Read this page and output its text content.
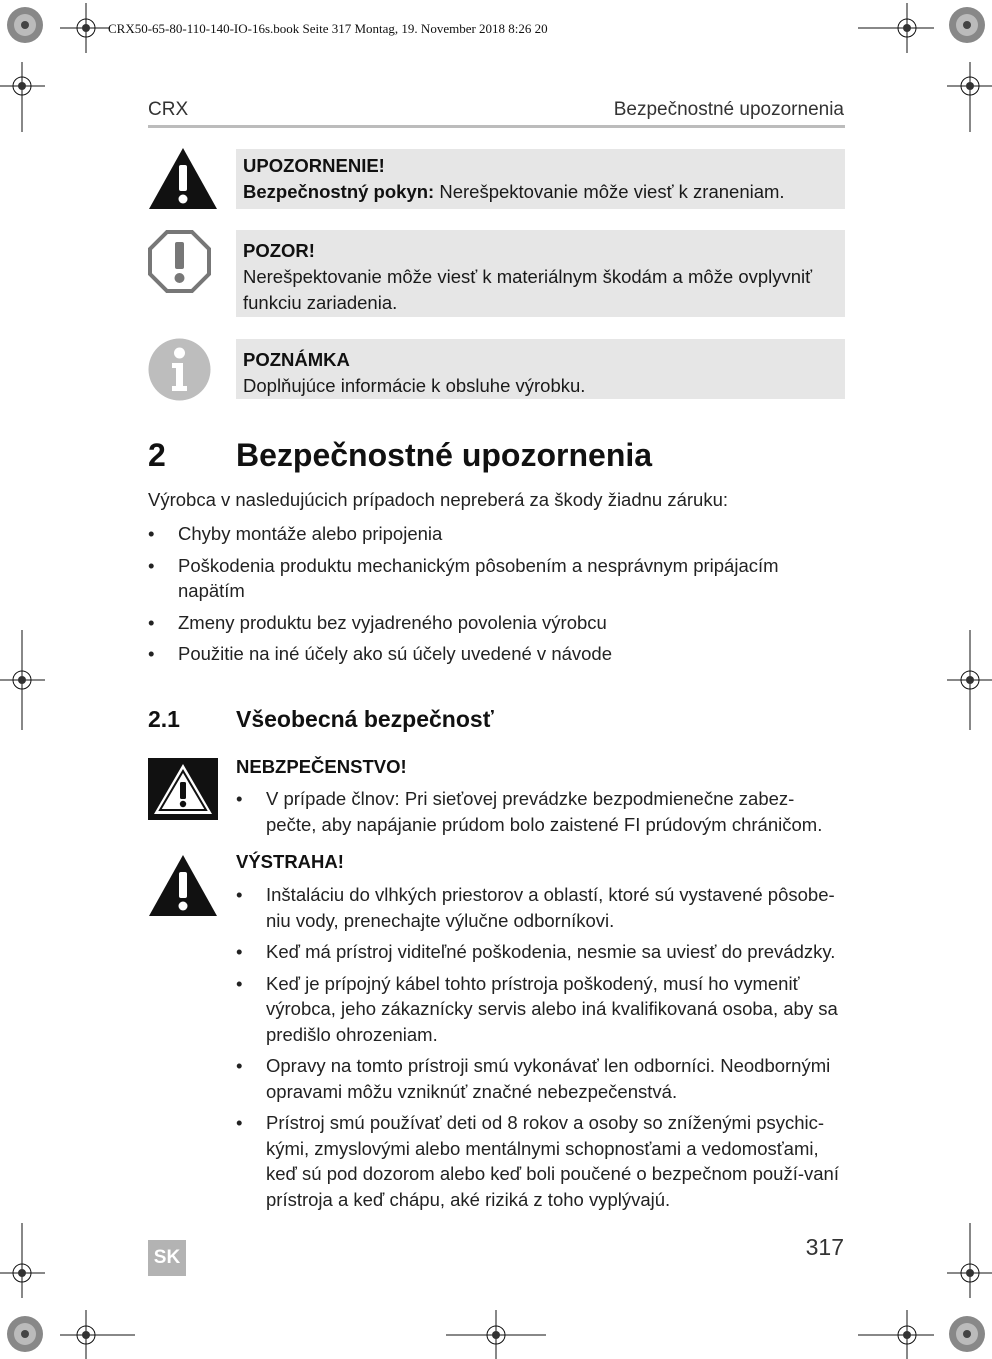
CRX50-65-80-110-140-IO-16s.book Seite 317 Montag, 19. November 2018 8:26 20
CRX	Bezpečnostné upozornenia
UPOZORNENIE!
Bezpečnostný pokyn: Nerešpektovanie môže viesť k zraneniam.
POZOR!
Nerešpektovanie môže viesť k materiálnym škodám a môže ovplyvniť funkciu zariadenia.
POZNÁMKA
Doplňujúce informácie k obsluhe výrobku.
2 Bezpečnostné upozornenia
Výrobca v nasledujúcich prípadoch nepreberá za škody žiadnu záruku:
• Chyby montáže alebo pripojenia
• Poškodenia produktu mechanickým pôsobením a nesprávnym pripájacím napätím
• Zmeny produktu bez vyjadreného povolenia výrobcu
• Použitie na iné účely ako sú účely uvedené v návode
2.1 Všeobecná bezpečnosť
NEBZPEČENSTVO!
• V prípade člnov: Pri sieťovej prevádzke bezpodmienečne zabez-pečte, aby napájanie prúdom bolo zaistené FI prúdovým chráničom.
VÝSTRAHA!
• Inštaláciu do vlhkých priestorov a oblastí, ktoré sú vystavené pôsobe-niu vody, prenechajte výlučne odborníkovi.
• Keď má prístroj viditeľné poškodenia, nesmie sa uviesť do prevádzky.
• Keď je prípojný kábel tohto prístroja poškodený, musí ho vymeniť výrobca, jeho zákaznícky servis alebo iná kvalifikovaná osoba, aby sa predišlo ohrozeniam.
• Opravy na tomto prístroji smú vykonávať len odborníci. Neodbornými opravami môžu vzniknúť značné nebezpečenstvá.
• Prístroj smú používať deti od 8 rokov a osoby so zníženými psychic-kými, zmyslovými alebo mentálnymi schopnosťami a vedomosťami, keď sú pod dozorom alebo keď boli poučené o bezpečnom použí-vaní prístroja a keď chápu, aké riziká z toho vyplývajú.
317
SK
